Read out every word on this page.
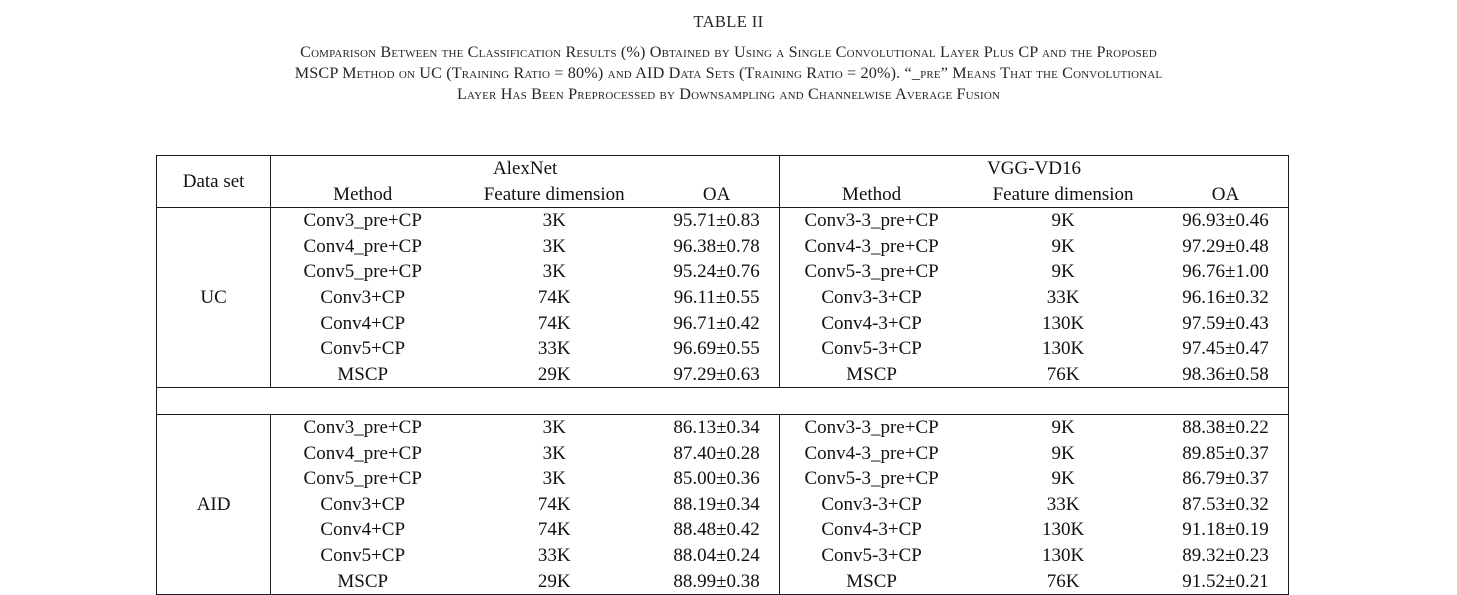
TABLE II
Comparison Between the Classification Results (%) Obtained by Using a Single Convolutional Layer Plus CP and the Proposed
MSCP Method on UC (Training Ratio = 80%) and AID Data Sets (Training Ratio = 20%). “_pre” Means That the Convolutional
Layer Has Been Preprocessed by Downsampling and Channelwise Average Fusion
Data set	AlexNet			VGG-VD16		
	Method	Feature dimension	OA	Method	Feature dimension	OA
UC	Conv3_pre+CP	3K	95.71±0.83	Conv3-3_pre+CP	9K	96.93±0.46
	Conv4_pre+CP	3K	96.38±0.78	Conv4-3_pre+CP	9K	97.29±0.48
	Conv5_pre+CP	3K	95.24±0.76	Conv5-3_pre+CP	9K	96.76±1.00
	Conv3+CP	74K	96.11±0.55	Conv3-3+CP	33K	96.16±0.32
	Conv4+CP	74K	96.71±0.42	Conv4-3+CP	130K	97.59±0.43
	Conv5+CP	33K	96.69±0.55	Conv5-3+CP	130K	97.45±0.47
	MSCP	29K	97.29±0.63	MSCP	76K	98.36±0.58

AID	Conv3_pre+CP	3K	86.13±0.34	Conv3-3_pre+CP	9K	88.38±0.22
	Conv4_pre+CP	3K	87.40±0.28	Conv4-3_pre+CP	9K	89.85±0.37
	Conv5_pre+CP	3K	85.00±0.36	Conv5-3_pre+CP	9K	86.79±0.37
	Conv3+CP	74K	88.19±0.34	Conv3-3+CP	33K	87.53±0.32
	Conv4+CP	74K	88.48±0.42	Conv4-3+CP	130K	91.18±0.19
	Conv5+CP	33K	88.04±0.24	Conv5-3+CP	130K	89.32±0.23
	MSCP	29K	88.99±0.38	MSCP	76K	91.52±0.21
